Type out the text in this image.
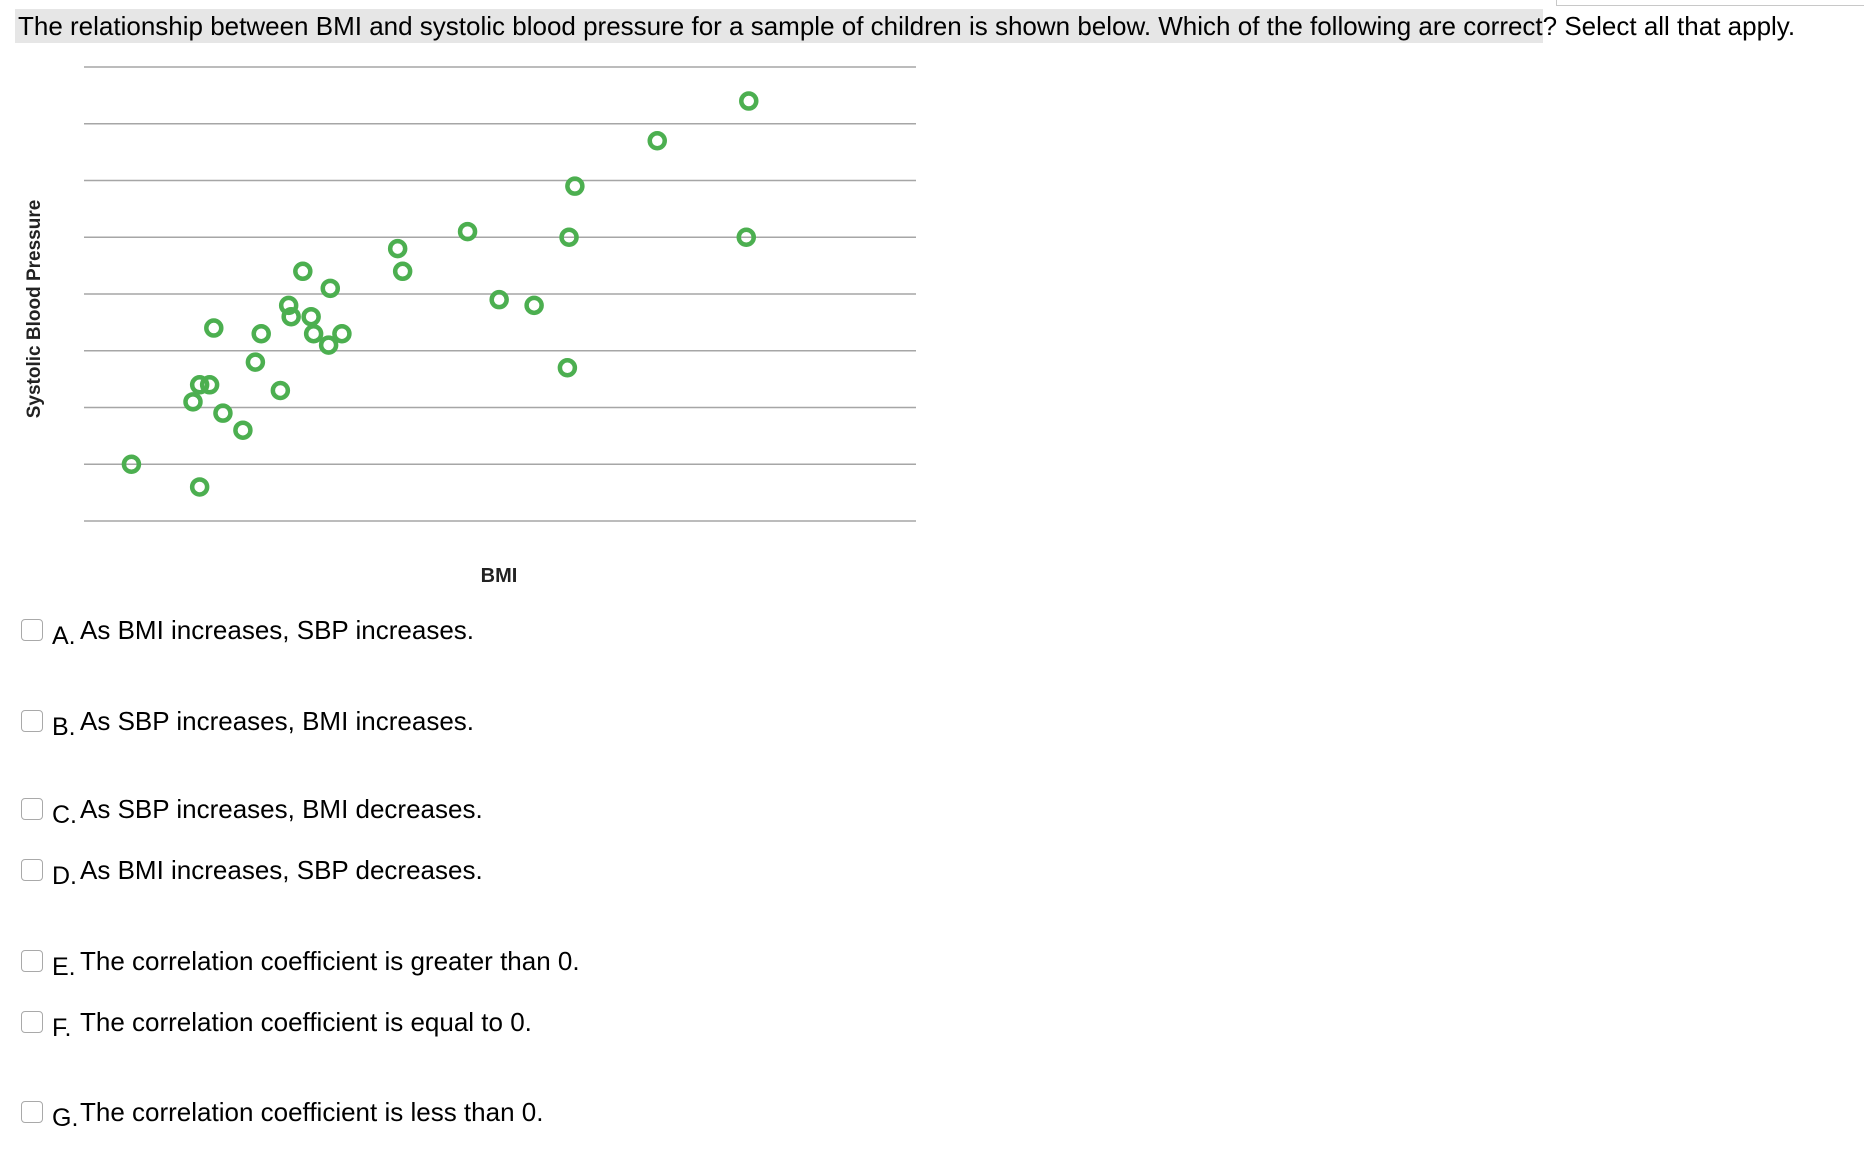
The relationship between BMI and systolic blood pressure for a sample of children is shown below. Which of the following are correct? Select all that apply.
Systolic Blood Pressure
BMI
A. As BMI increases, SBP increases.
B. As SBP increases, BMI increases.
C. As SBP increases, BMI decreases.
D. As BMI increases, SBP decreases.
E. The correlation coefficient is greater than 0.
F. The correlation coefficient is equal to 0.
G. The correlation coefficient is less than 0.
